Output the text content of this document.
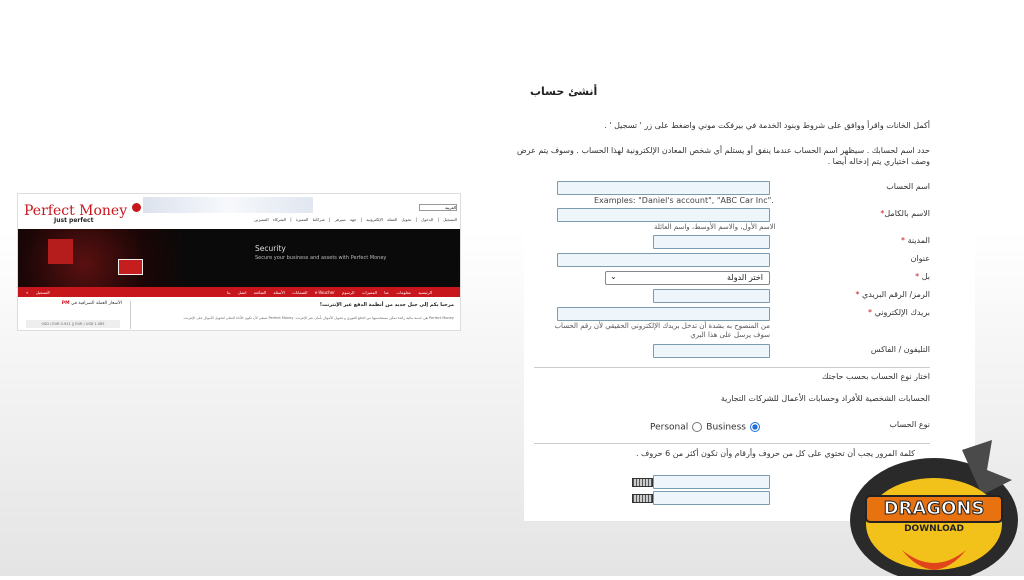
Perfect Money
Just perfect
العربية
التسجيل | الدخول | تحويل العملة الإلكترونية | جهة سيرفر | شركاتنا المميزة | الشركاء المميزين
Security
Secure your business and assets with Perfect Money
الرئيسية معلومات عنا المميزات الرسوم e-Voucher الضمانات الأسئلة الشائعة اتصل بنا
التسجيل »
الأسعار العملة الصرافية في PM
USD / EUR 0.921 || EUR / USD 1.085
مرحبا بكم إلى جيل جديد من أنظمة الدفع عبر الإنترنت!
Perfect Money هي خدمة مالية رائدة تمكن مستخدميها من الدفع الفوري و تحويل الأموال بأمان عبر الإنترنت. Perfect Money تسعى لأن تكون الأداة المثلى لتحويل الأموال على الإنترنت.
أنشئ حساب
أكمل الخانات واقرأ ووافق على شروط وبنود الخدمة في بيرفكت موني واضغط على زر ' تسجيل ' .
حدد اسم لحسابك . سيظهر اسم الحساب عندما ينفق أو يستلم أي شخص المعادن الإلكترونية لهذا الحساب . وسوف يتم عرض وصف اختياري يتم إدخاله أيضا .
اسم الحساب
Examples: "Daniel's account", "ABC Car Inc".
الاسم بالكامل*
الاسم الأول، والاسم الأوسط، واسم العائلة
المدينة *
عنوان
بل *
اختر الدولة
⌄
الرمز/ الرقم البريدي *
بريدك الإلكتروني *
من المنصوح به بشدة أن تدخل بريدك الإلكتروني الحقيقي لأن رقم الحساب سوف يرسل على هذا البري
التليفون / الفاكس
اختار نوع الحساب بحسب حاجتك
الحسابات الشخصية للأفراد وحسابات الأعمال للشركات التجارية
نوع الحساب
Personal Business
كلمة المرور يجب أن تحتوي على كل من حروف وأرقام وأن تكون أكثر من 6 حروف .
DRAGONS
DOWNLOAD
